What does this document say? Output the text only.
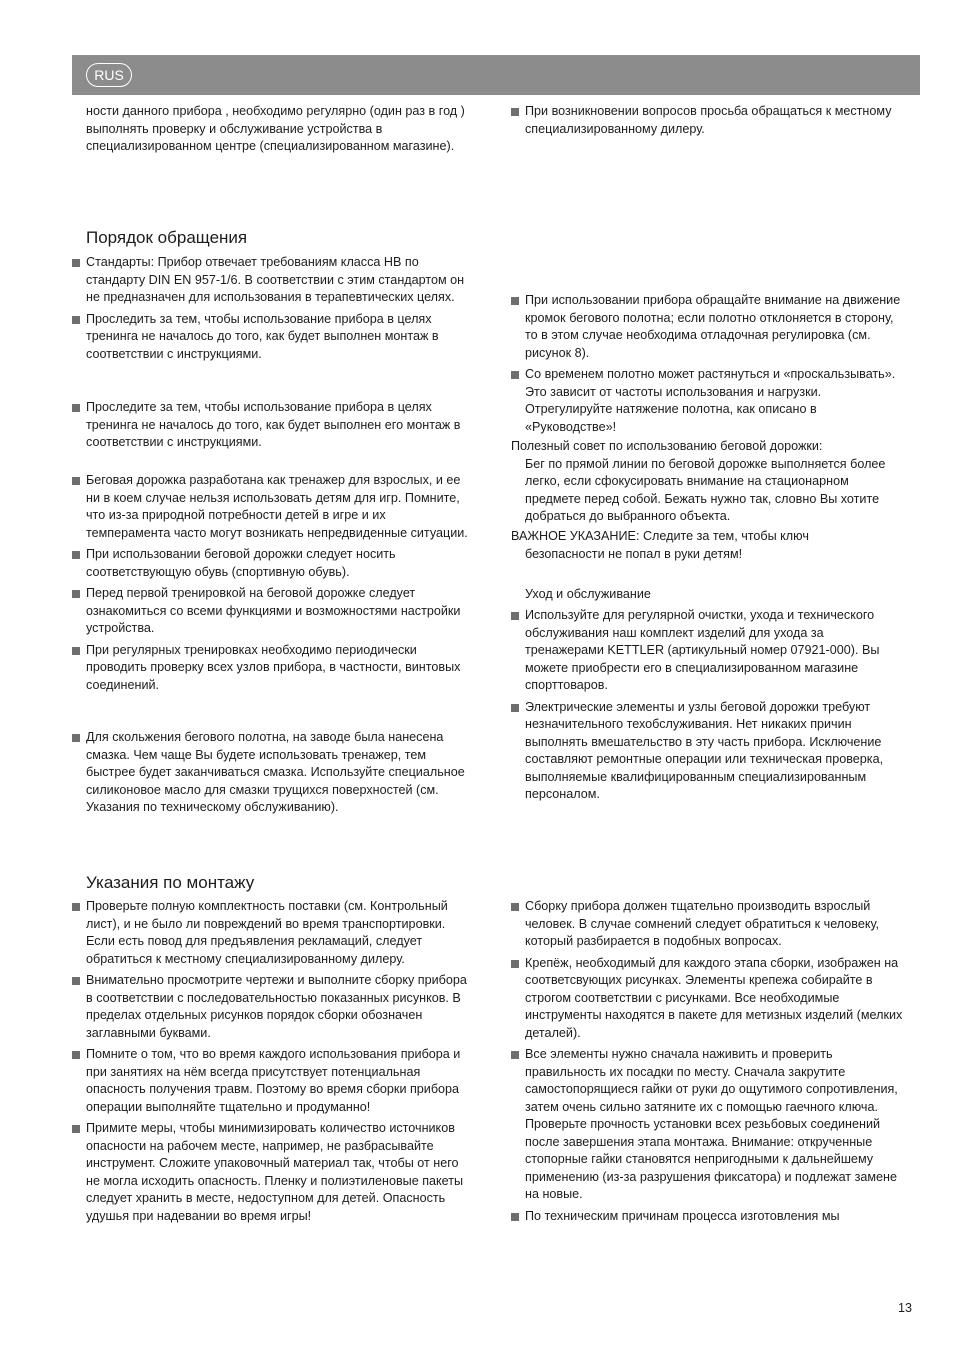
RUS

ности данного прибора , необходимо регулярно (один раз в год ) выполнять проверку и обслуживание устройства в специализированном центре (специализированном магазине).

Порядок обращения

Стандарты: Прибор отвечает требованиям класса HB по стандарту DIN EN 957-1/6. В соответствии с этим стандартом он не предназначен для использования в терапевтических целях.

Проследить за тем, чтобы использование прибора в целях тренинга не началось до того, как будет выполнен монтаж в соответствии с инструкциями.

Проследите за тем, чтобы использование прибора в целях тренинга не началось до того, как будет выполнен его монтаж в соответствии с инструкциями.

Беговая дорожка разработана как тренажер для взрослых, и ее ни в коем случае нельзя использовать детям для игр. Помните, что из-за природной потребности детей в игре и их темперамента часто могут возникать непредвиденные ситуации.

При использовании беговой дорожки следует носить соответствующую обувь (спортивную обувь).

Перед первой тренировкой на беговой дорожке следует ознакомиться со всеми функциями и возможностями настройки устройства.

При регулярных тренировках необходимо периодически проводить проверку всех узлов прибора, в частности, винтовых соединений.

Для скольжения бегового полотна, на заводе была нанесена смазка. Чем чаще Вы будете использовать тренажер, тем быстрее будет заканчиваться смазка. Используйте специальное силиконовое масло для смазки трущихся поверхностей (см. Указания по техническому обслуживанию).

Указания по монтажу

Проверьте полную комплектность поставки (см. Контрольный лист), и не было ли повреждений во время транспортировки. Если есть повод для предъявления рекламаций, следует обратиться к местному специализированному дилеру.

Внимательно просмотрите чертежи и выполните сборку прибора в соответствии с последовательностью показанных рисунков. В пределах отдельных рисунков порядок сборки обозначен заглавными буквами.

Помните о том, что во время каждого использования прибора и при занятиях на нём всегда присутствует потенциальная опасность получения травм. Поэтому во время сборки прибора операции выполняйте тщательно и продуманно!

Примите меры, чтобы минимизировать количество источников опасности на рабочем месте, например, не разбрасывайте инструмент. Сложите упаковочный материал так, чтобы от него не могла исходить опасность. Пленку и полиэтиленовые пакеты следует хранить в месте, недоступном для детей. Опасность удушья при надевании во время игры!

При возникновении вопросов просьба обращаться к местному специализированному дилеру.

При использовании прибора обращайте внимание на движение кромок бегового полотна; если полотно отклоняется в сторону, то в этом случае необходима отладочная регулировка (см. рисунок 8).

Со временем полотно может растянуться и «проскальзывать». Это зависит от частоты использования и нагрузки. Отрегулируйте натяжение полотна, как описано в «Руководстве»!

Полезный совет по использованию беговой дорожки:

Бег по прямой линии по беговой дорожке выполняется более легко, если сфокусировать внимание на стационарном предмете перед собой. Бежать нужно так, словно Вы хотите добраться до выбранного объекта.

ВАЖНОЕ УКАЗАНИЕ: Следите за тем, чтобы ключ

безопасности не попал в руки детям!

Уход и обслуживание

Используйте для регулярной очистки, ухода и технического обслуживания наш комплект изделий для ухода за тренажерами KETTLER (артикульный номер 07921-000). Вы можете приобрести его в специализированном магазине спорттоваров.

Электрические элементы и узлы беговой дорожки требуют незначительного техобслуживания. Нет никаких причин выполнять вмешательство в эту часть прибора. Исключение составляют ремонтные операции или техническая проверка, выполняемые квалифицированным специализированным персоналом.

Сборку прибора должен тщательно производить взрослый человек. В случае сомнений следует обратиться к человеку, который разбирается в подобных вопросах.

Крепёж, необходимый для каждого этапа сборки, изображен на соответсвующих рисунках. Элементы крепежа собирайте в строгом соответствии с рисунками. Все необходимые инструменты находятся в пакете для метизных изделий (мелких деталей).

Все элементы нужно сначала наживить и проверить правильность их посадки по месту. Сначала закрутите самостопорящиеся гайки от руки до ощутимого сопротивления, затем очень сильно затяните их с помощью гаечного ключа. Проверьте прочность установки всех резьбовых соединений после завершения этапа монтажа. Внимание: открученные стопорные гайки становятся непригодными к дальнейшему применению (из-за разрушения фиксатора) и подлежат замене на новые.

По техническим причинам процесса изготовления мы

13
